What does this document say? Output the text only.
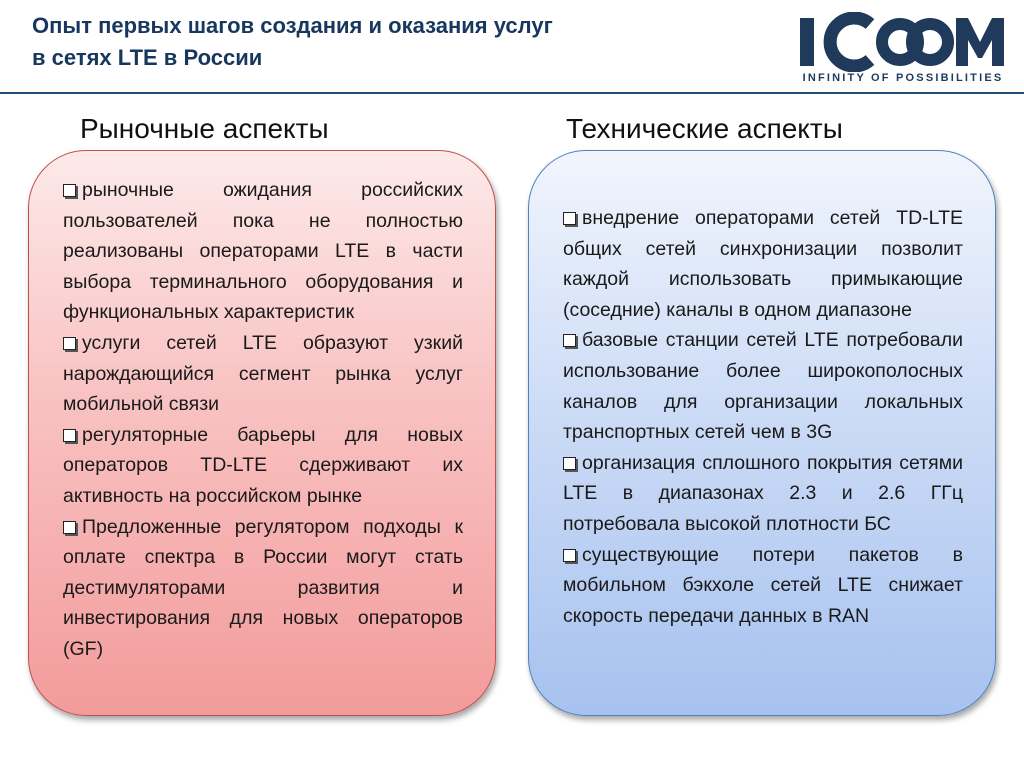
Опыт первых шагов создания и оказания услуг
в сетях LTE в России
INFINITY OF POSSIBILITIES
Рыночные аспекты	Технические аспекты
рыночные ожидания российских пользователей пока не полностью реализованы операторами LTE в части выбора терминального оборудования и функциональных характеристик
услуги сетей LTE образуют узкий нарождающийся сегмент рынка услуг мобильной связи
регуляторные барьеры для новых операторов TD-LTE сдерживают их активность на российском рынке
Предложенные регулятором подходы к оплате спектра в России могут стать дестимуляторами развития и инвестирования для новых операторов (GF)
внедрение операторами сетей TD-LTE общих сетей синхронизации позволит каждой использовать примыкающие (соседние) каналы в одном диапазоне
базовые станции сетей LTE потребовали использование более широкополосных каналов для организации локальных транспортных сетей чем в 3G
организация сплошного покрытия сетями LTE в диапазонах 2.3 и 2.6 ГГц потребовала высокой плотности БС
существующие потери пакетов в мобильном бэкхоле сетей LTE снижает скорость передачи данных в RAN
